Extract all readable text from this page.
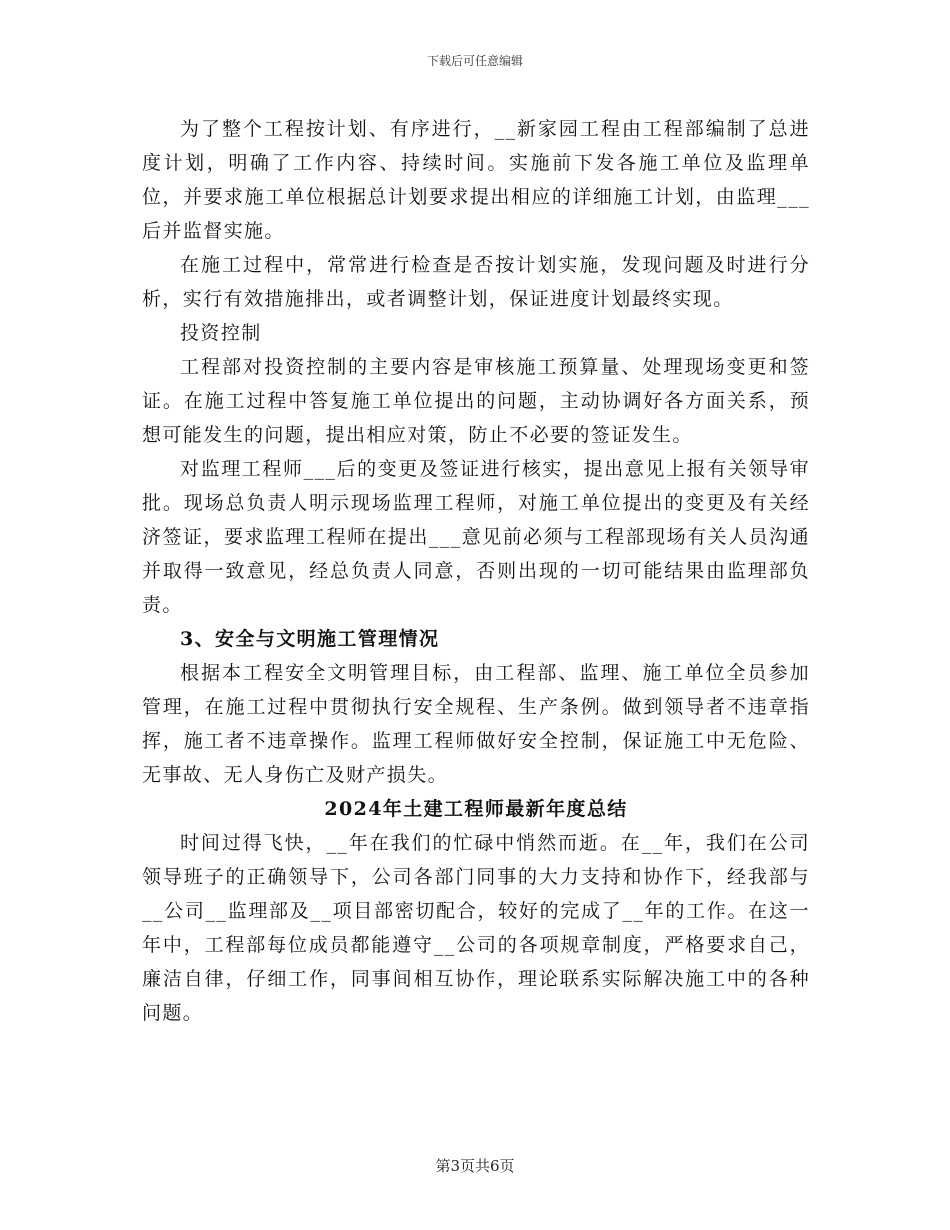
下载后可任意编辑

为了整个工程按计划、有序进行，__新家园工程由工程部编制了总进度计划，明确了工作内容、持续时间。实施前下发各施工单位及监理单位，并要求施工单位根据总计划要求提出相应的详细施工计划，由监理___后并监督实施。

在施工过程中，常常进行检查是否按计划实施，发现问题及时进行分析，实行有效措施排出，或者调整计划，保证进度计划最终实现。

投资控制

工程部对投资控制的主要内容是审核施工预算量、处理现场变更和签证。在施工过程中答复施工单位提出的问题，主动协调好各方面关系，预想可能发生的问题，提出相应对策，防止不必要的签证发生。

对监理工程师___后的变更及签证进行核实，提出意见上报有关领导审批。现场总负责人明示现场监理工程师，对施工单位提出的变更及有关经济签证，要求监理工程师在提出___意见前必须与工程部现场有关人员沟通并取得一致意见，经总负责人同意，否则出现的一切可能结果由监理部负责。

3、安全与文明施工管理情况

根据本工程安全文明管理目标，由工程部、监理、施工单位全员参加管理，在施工过程中贯彻执行安全规程、生产条例。做到领导者不违章指挥，施工者不违章操作。监理工程师做好安全控制，保证施工中无危险、无事故、无人身伤亡及财产损失。

2024年土建工程师最新年度总结

时间过得飞快，__年在我们的忙碌中悄然而逝。在__年，我们在公司领导班子的正确领导下，公司各部门同事的大力支持和协作下，经我部与__公司__监理部及__项目部密切配合，较好的完成了__年的工作。在这一年中，工程部每位成员都能遵守__公司的各项规章制度，严格要求自己，廉洁自律，仔细工作，同事间相互协作，理论联系实际解决施工中的各种问题。

第3页共6页
